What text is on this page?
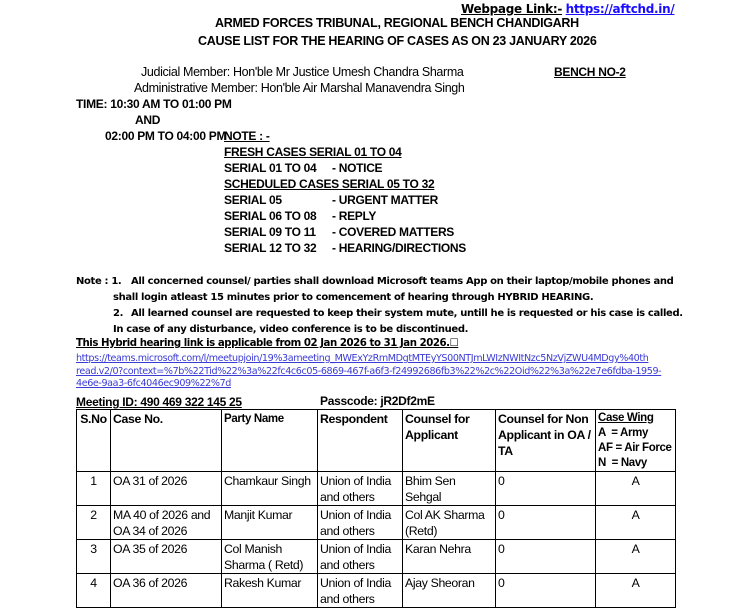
Webpage Link:- https://aftchd.in/
ARMED FORCES TRIBUNAL, REGIONAL BENCH CHANDIGARH
CAUSE LIST FOR THE HEARING OF CASES AS ON 23 JANUARY 2026
Judicial Member: Hon'ble Mr Justice Umesh Chandra Sharma
Administrative Member: Hon'ble Air Marshal Manavendra Singh
BENCH NO-2
TIME: 10:30 AM TO 01:00 PM
AND
02:00 PM TO 04:00 PM
NOTE : -
FRESH CASES SERIAL 01 TO 04
SERIAL 01 TO 04 - NOTICE
SCHEDULED CASES SERIAL 05 TO 32
SERIAL 05	- URGENT MATTER
SERIAL 06 TO 08 - REPLY
SERIAL 09 TO 11 - COVERED MATTERS
SERIAL 12 TO 32 - HEARING/DIRECTIONS
Note : 1. All concerned counsel/ parties shall download Microsoft teams App on their laptop/mobile phones and
shall login atleast 15 minutes prior to comencement of hearing through HYBRID HEARING.
2. All learned counsel are requested to keep their system mute, untill he is requested or his case is called.
In case of any disturbance, video conference is to be discontinued.
This Hybrid hearing link is applicable from 02 Jan 2026 to 31 Jan 2026.☐
https://teams.microsoft.com/l/meetupjoin/19%3ameeting_MWExYzRmMDgtMTEyYS00NTJmLWIzNWItNzc5NzVjZWU4MDgy%40th
read.v2/0?context=%7b%22Tid%22%3a%22fc4c6c05-6869-467f-a6f3-f24992686fb3%22%2c%22Oid%22%3a%22e7e6fdba-1959-
4e6e-9aa3-6fc4046ec909%22%7d
Meeting ID: 490 469 322 145 25	Passcode: jR2Df2mE
S.No	Case No.	Party Name	Respondent	Counsel for Applicant	Counsel for Non Applicant in OA / TA	Case Wing
A  = Army
AF = Air Force
N  = Navy

1	OA 31 of 2026	Chamkaur Singh	Union of India and others	Bhim Sen Sehgal	0	A
2	MA 40 of 2026 and OA 34 of 2026	Manjit Kumar	Union of India and others	Col AK Sharma (Retd)	0	A
3	OA 35 of 2026	Col Manish Sharma ( Retd)	Union of India and others	Karan Nehra	0	A
4	OA 36 of 2026	Rakesh Kumar	Union of India and others	Ajay Sheoran	0	A
